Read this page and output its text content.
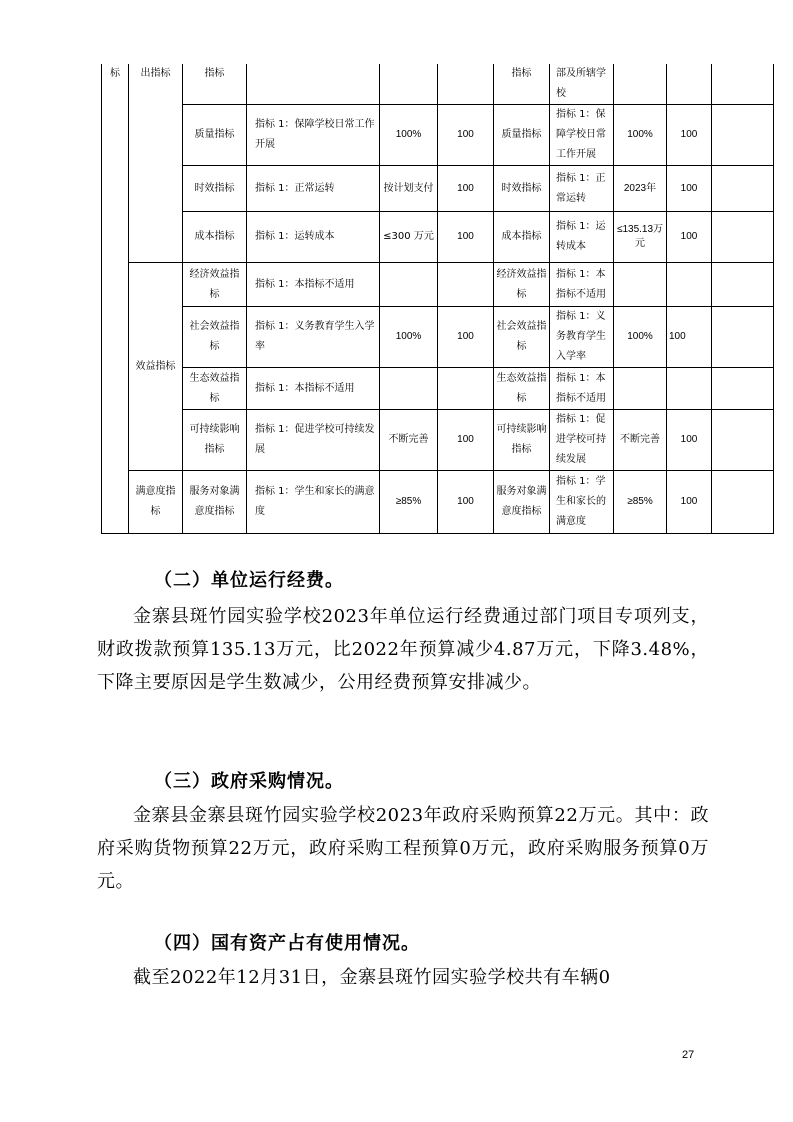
标	出指标	指标				指标	部及所辖学校			
		质量指标	指标 1：保障学校日常工作开展	100%	100	质量指标	指标 1：保障学校日常工作开展	100%	100	
		时效指标	指标 1：正常运转	按计划支付	100	时效指标	指标 1：正常运转	2023年	100	
		成本指标	指标 1：运转成本	≤300 万元	100	成本指标	指标 1：运转成本	≤135.13万元	100	
	效益指标	经济效益指标	指标 1：本指标不适用			经济效益指标	指标 1：本指标不适用			
		社会效益指标	指标 1：义务教育学生入学率	100%	100	社会效益指标	指标 1：义务教育学生入学率	100%	100	
		生态效益指标	指标 1：本指标不适用			生态效益指标	指标 1：本指标不适用			
		可持续影响指标	指标 1：促进学校可持续发展	不断完善	100	可持续影响指标	指标 1：促进学校可持续发展	不断完善	100	
	满意度指标	服务对象满意度指标	指标 1：学生和家长的满意度	≥85%	100	服务对象满意度指标	指标 1：学生和家长的满意度	≥85%	100	
（二）单位运行经费。

金寨县斑竹园实验学校2023年单位运行经费通过部门项目专项列支，财政拨款预算135.13万元，比2022年预算减少4.87万元，下降3.48%，下降主要原因是学生数减少，公用经费预算安排减少。

（三）政府采购情况。

金寨县金寨县斑竹园实验学校2023年政府采购预算22万元。其中：政府采购货物预算22万元，政府采购工程预算0万元，政府采购服务预算0万元。

（四）国有资产占有使用情况。

截至2022年12月31日，金寨县斑竹园实验学校共有车辆0

27
